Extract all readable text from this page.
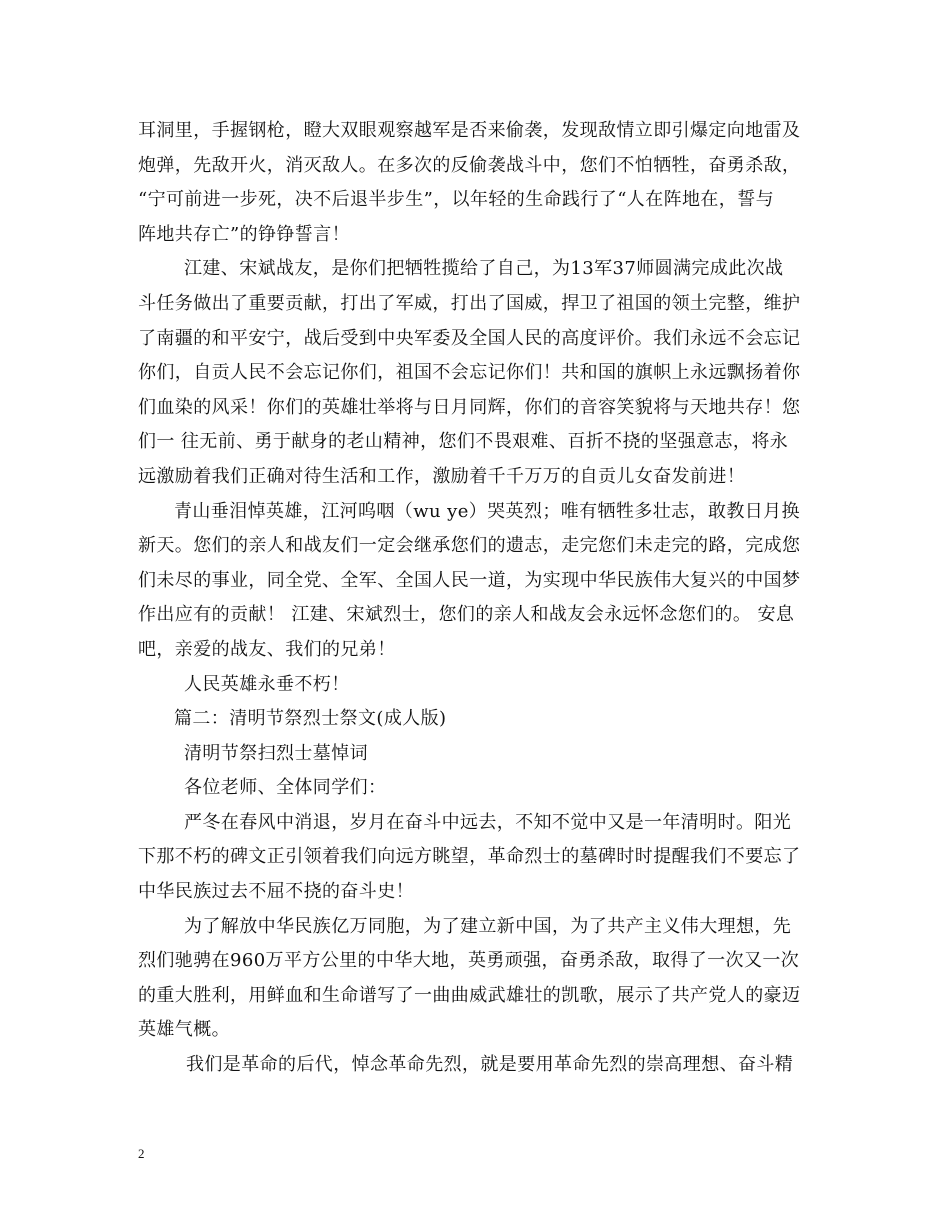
耳洞里，手握钢枪，瞪大双眼观察越军是否来偷袭，发现敌情立即引爆定向地雷及
炮弹，先敌开火，消灭敌人。在多次的反偷袭战斗中，您们不怕牺牲，奋勇杀敌，
“宁可前进一步死，决不后退半步生”，以年轻的生命践行了“人在阵地在，誓与
阵地共存亡”的铮铮誓言！
江建、宋斌战友，是你们把牺牲揽给了自己，为13军37师圆满完成此次战
斗任务做出了重要贡献，打出了军威，打出了国威，捍卫了祖国的领土完整，维护
了南疆的和平安宁，战后受到中央军委及全国人民的高度评价。我们永远不会忘记
你们，自贡人民不会忘记你们，祖国不会忘记你们！共和国的旗帜上永远飘扬着你
们血染的风采！你们的英雄壮举将与日月同辉，你们的音容笑貌将与天地共存！您
们一 往无前、勇于献身的老山精神，您们不畏艰难、百折不挠的坚强意志，将永
远激励着我们正确对待生活和工作，激励着千千万万的自贡儿女奋发前进！
青山垂泪悼英雄，江河呜咽（wu ye）哭英烈；唯有牺牲多壮志，敢教日月换
新天。您们的亲人和战友们一定会继承您们的遗志，走完您们未走完的路，完成您
们未尽的事业，同全党、全军、全国人民一道，为实现中华民族伟大复兴的中国梦
作出应有的贡献！ 江建、宋斌烈士，您们的亲人和战友会永远怀念您们的。 安息
吧，亲爱的战友、我们的兄弟！
人民英雄永垂不朽！
篇二：清明节祭烈士祭文(成人版)
清明节祭扫烈士墓悼词
各位老师、全体同学们：
严冬在春风中消退，岁月在奋斗中远去，不知不觉中又是一年清明时。阳光
下那不朽的碑文正引领着我们向远方眺望，革命烈士的墓碑时时提醒我们不要忘了
中华民族过去不屈不挠的奋斗史！
为了解放中华民族亿万同胞，为了建立新中国，为了共产主义伟大理想，先
烈们驰骋在960万平方公里的中华大地，英勇顽强，奋勇杀敌，取得了一次又一次
的重大胜利，用鲜血和生命谱写了一曲曲威武雄壮的凯歌，展示了共产党人的豪迈
英雄气概。
我们是革命的后代，悼念革命先烈，就是要用革命先烈的崇高理想、奋斗精
2
